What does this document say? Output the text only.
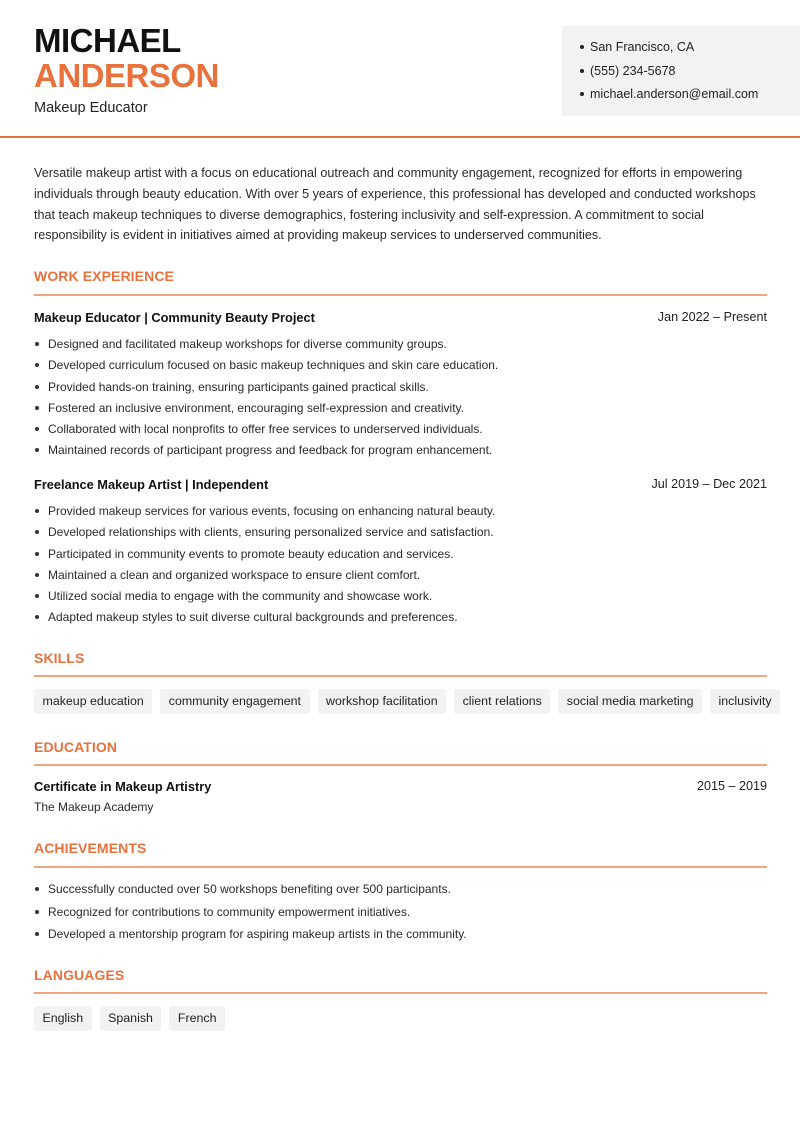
MICHAEL
ANDERSON
Makeup Educator
San Francisco, CA
(555) 234-5678
michael.anderson@email.com
Versatile makeup artist with a focus on educational outreach and community engagement, recognized for efforts in empowering individuals through beauty education. With over 5 years of experience, this professional has developed and conducted workshops that teach makeup techniques to diverse demographics, fostering inclusivity and self-expression. A commitment to social responsibility is evident in initiatives aimed at providing makeup services to underserved communities.
WORK EXPERIENCE
Makeup Educator | Community Beauty Project	Jan 2022 – Present
Designed and facilitated makeup workshops for diverse community groups.
Developed curriculum focused on basic makeup techniques and skin care education.
Provided hands-on training, ensuring participants gained practical skills.
Fostered an inclusive environment, encouraging self-expression and creativity.
Collaborated with local nonprofits to offer free services to underserved individuals.
Maintained records of participant progress and feedback for program enhancement.
Freelance Makeup Artist | Independent	Jul 2019 – Dec 2021
Provided makeup services for various events, focusing on enhancing natural beauty.
Developed relationships with clients, ensuring personalized service and satisfaction.
Participated in community events to promote beauty education and services.
Maintained a clean and organized workspace to ensure client comfort.
Utilized social media to engage with the community and showcase work.
Adapted makeup styles to suit diverse cultural backgrounds and preferences.
SKILLS
makeup education	community engagement	workshop facilitation	client relations	social media marketing	inclusivity
EDUCATION
Certificate in Makeup Artistry	2015 – 2019
The Makeup Academy
ACHIEVEMENTS
Successfully conducted over 50 workshops benefiting over 500 participants.
Recognized for contributions to community empowerment initiatives.
Developed a mentorship program for aspiring makeup artists in the community.
LANGUAGES
English	Spanish	French
